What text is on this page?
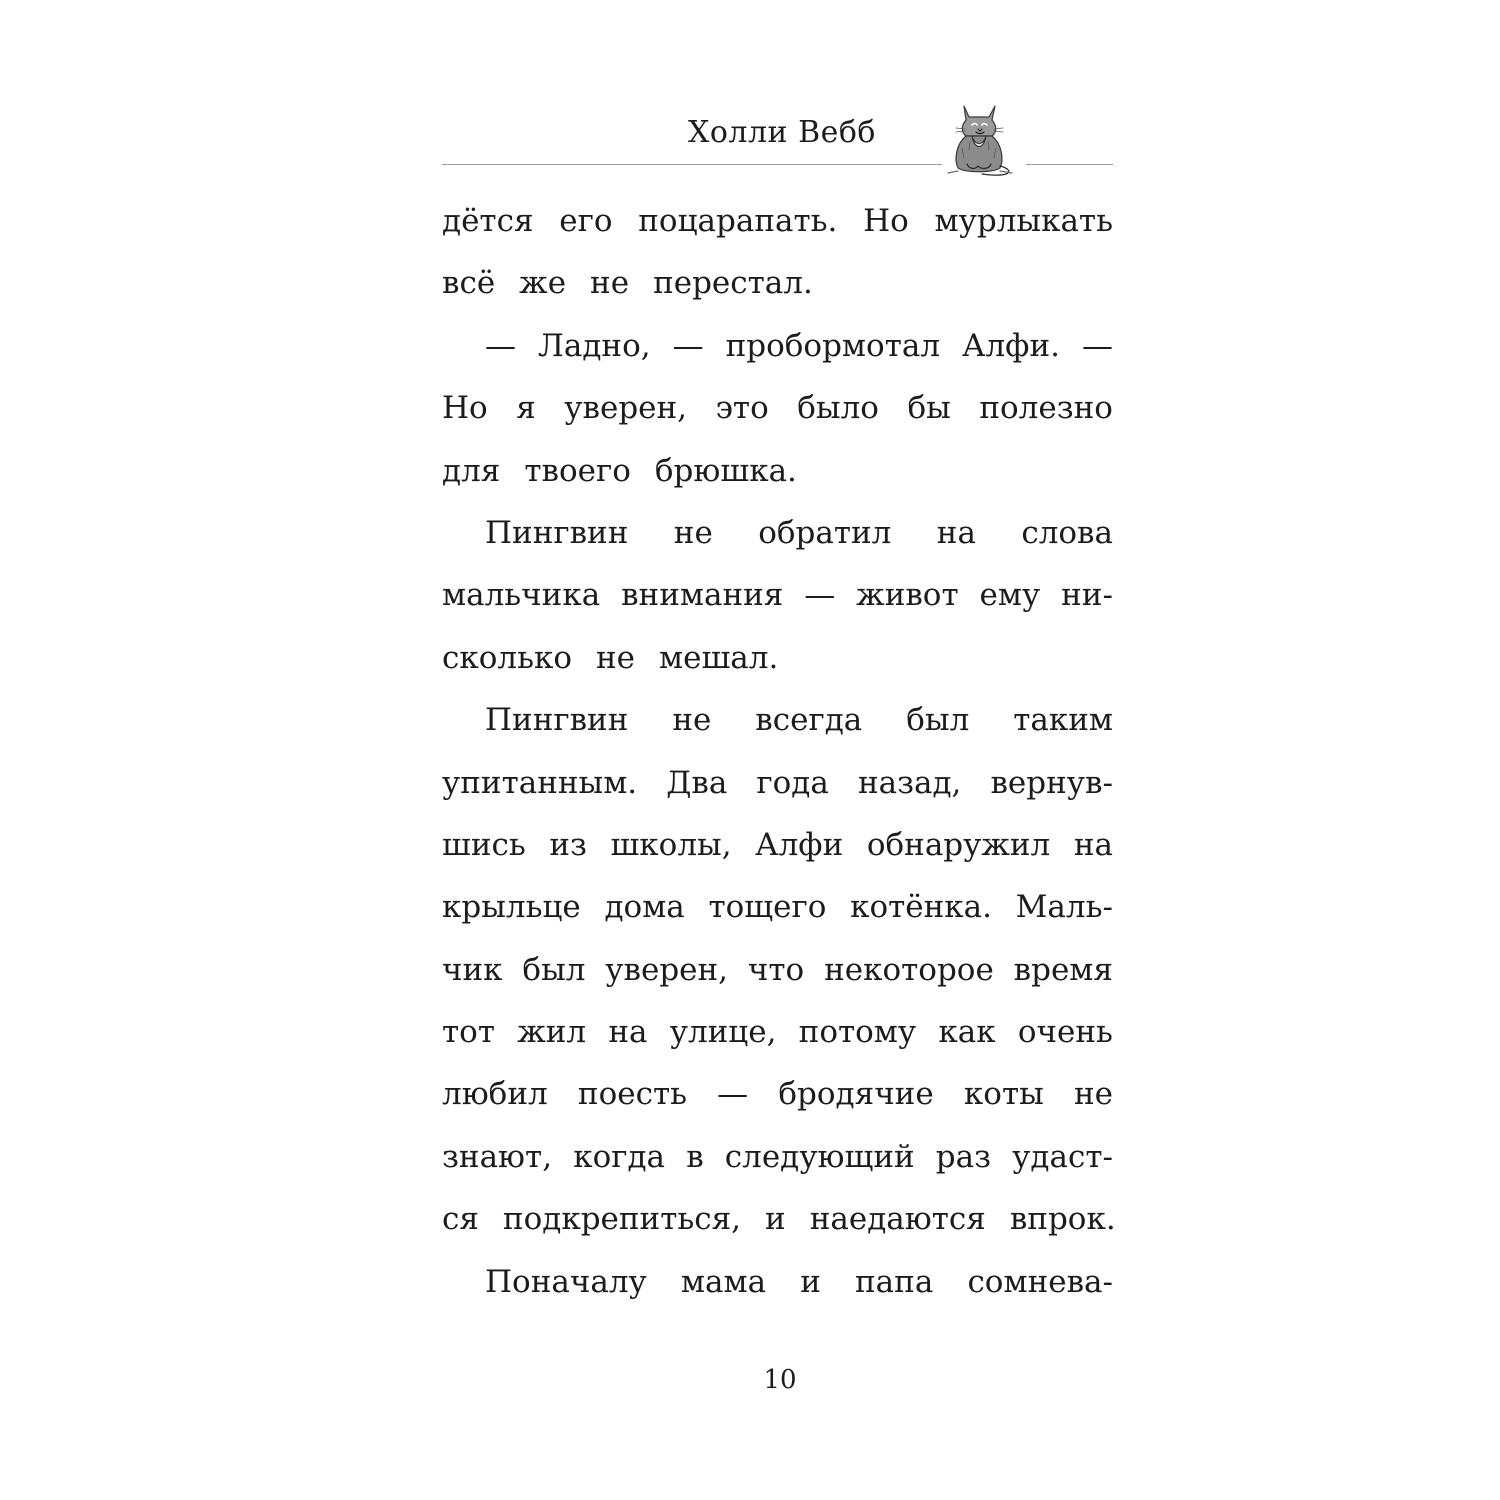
Холли Вебб
дётся его поцарапать. Но мурлыкать
всё же не перестал.
— Ладно, — пробормотал Алфи. —
Но я уверен, это было бы полезно
для твоего брюшка.
Пингвин не обратил на слова
мальчика внимания — живот ему ни-
сколько не мешал.
Пингвин не всегда был таким
упитанным. Два года назад, вернув-
шись из школы, Алфи обнаружил на
крыльце дома тощего котёнка. Маль-
чик был уверен, что некоторое время
тот жил на улице, потому как очень
любил поесть — бродячие коты не
знают, когда в следующий раз удаст-
ся подкрепиться, и наедаются впрок.
Поначалу мама и папа сомнева-
10
